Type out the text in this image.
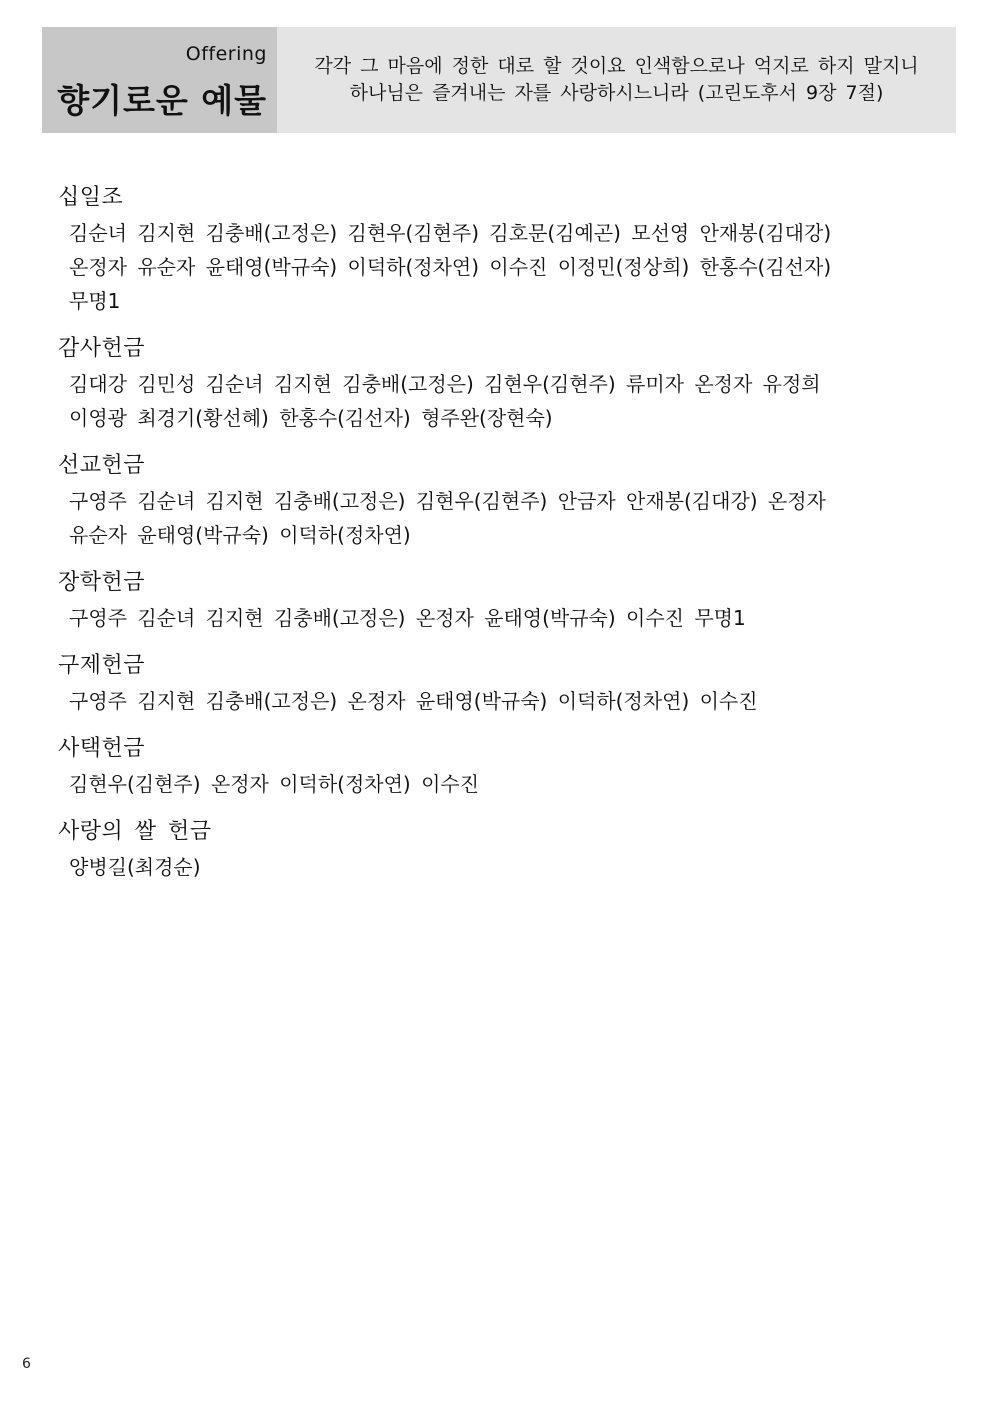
Offering
향기로운 예물
각각 그 마음에 정한 대로 할 것이요 인색함으로나 억지로 하지 말지니
하나님은 즐겨내는 자를 사랑하시느니라 (고린도후서 9장 7절)
십일조
김순녀 김지현 김충배(고정은) 김현우(김현주) 김호문(김예곤) 모선영 안재봉(김대강)
온정자 유순자 윤태영(박규숙) 이덕하(정차연) 이수진 이정민(정상희) 한홍수(김선자)
무명1
감사헌금
김대강 김민성 김순녀 김지현 김충배(고정은) 김현우(김현주) 류미자 온정자 유정희
이영광 최경기(황선혜) 한홍수(김선자) 형주완(장현숙)
선교헌금
구영주 김순녀 김지현 김충배(고정은) 김현우(김현주) 안금자 안재봉(김대강) 온정자
유순자 윤태영(박규숙) 이덕하(정차연)
장학헌금
구영주 김순녀 김지현 김충배(고정은) 온정자 윤태영(박규숙) 이수진 무명1
구제헌금
구영주 김지현 김충배(고정은) 온정자 윤태영(박규숙) 이덕하(정차연) 이수진
사택헌금
김현우(김현주) 온정자 이덕하(정차연) 이수진
사랑의 쌀 헌금
양병길(최경순)
6
